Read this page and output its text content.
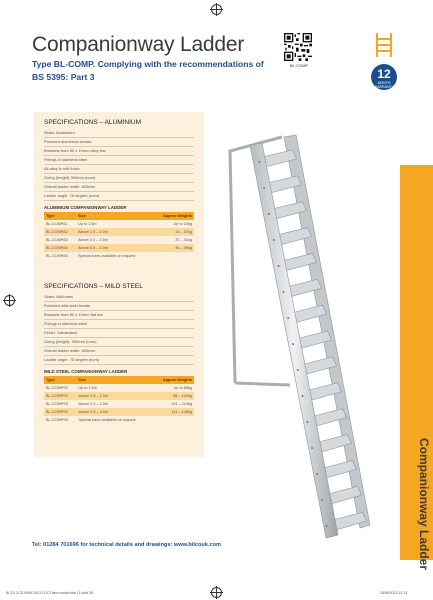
Companionway Ladder
Type BL-COMP. Complying with the recommendations of BS 5395: Part 3
BL-COMP
12
MONTH WARRANTY
SPECIFICATIONS – ALUMINIUM
Sides: Aluminium
Punched aluminium treads
Brackets from 50 x 10mm alloy bar
Fixings in stainless steel
All alloy in mill finish
Going (height) 300mm (nom)
Overall ladder width: 600mm
Ladder angle: 75 degree (nom)
ALUMINIUM COMPANIONWAY LADDER
Type	Size	Approx Weights
BL-COMPA1	Up to 1.5m	Up to 13kg
BL-COMPA2	Above 1.5 – 2.0m	13 – 37kg
BL-COMPA3	Above 2.0 – 2.5m	37 – 41kg
BL-COMPA4	Above 2.5 – 3.0m	41 – 49kg
BL-COMPA5	Special sizes available on request	
SPECIFICATIONS – MILD STEEL
Sides: Mild steel
Punched mild steel treads
Brackets from 50 x 10mm flat bar
Fixings in stainless steel
Finish: Galvanised
Going (height): 300mm (nom)
Overall ladder width: 600mm
Ladder angle: 75 degree (nom)
MILD STEEL COMPANIONWAY LADDER
Type	Size	Approx Weights
BL-COMPS1	Up to 1.5m	Up to 88kg
BL-COMPS2	Above 1.5 – 2.0m	88 – 101kg
BL-COMPS3	Above 2.0 – 2.5m	101 – 114kg
BL-COMPS4	Above 2.5 – 3.0m	114 – 128kg
BL-COMPS5	Special sizes available on request	
Companionway Ladder
Tel: 01284 701696 for technical details and drawings: www.bilcouk.com
BC13 CCD 0005 2013 COCTdem comp/ultra 11.indd 35	28/08/2013 12:13
